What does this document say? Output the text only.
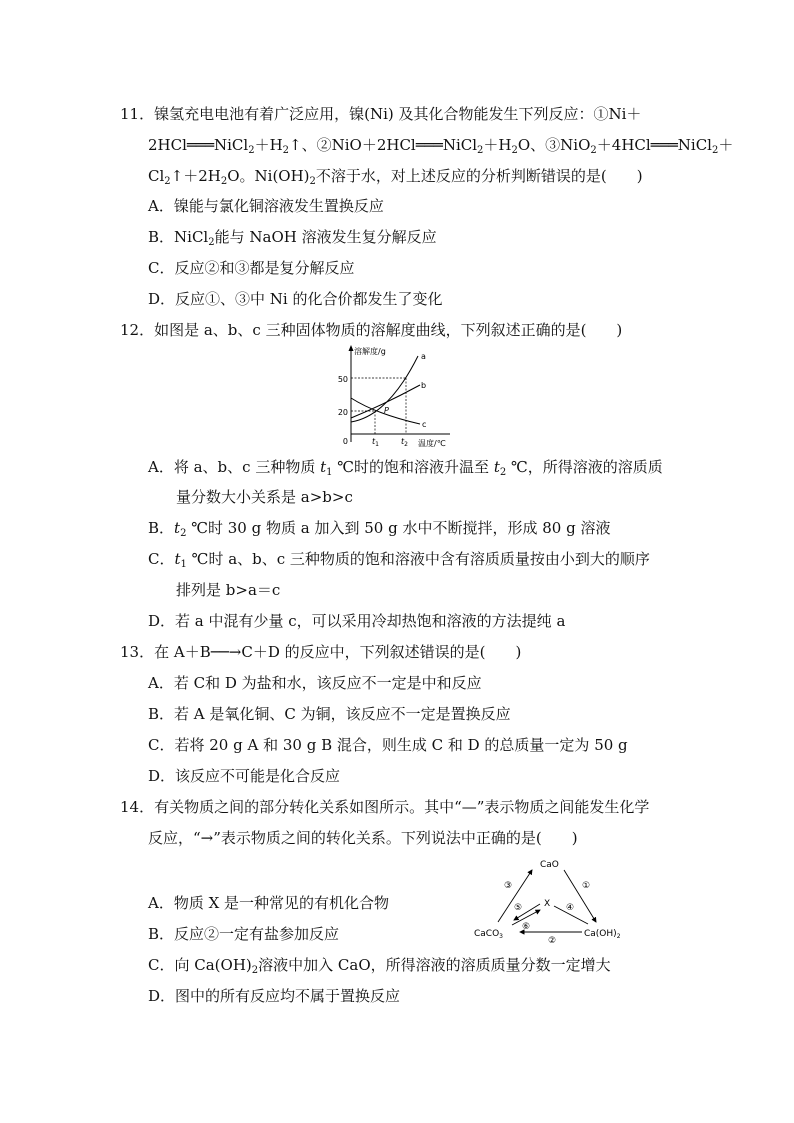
11．镍氢充电电池有着广泛应用，镍(Ni) 及其化合物能发生下列反应：①Ni＋
$2HCl═══NiCl_2+H_2↑$、$②NiO+2HCl═══NiCl_2+H_2O$、③NiO$_2$＋4HCl═══NiCl$_2$＋
$Cl_2↑+2H_2O$。$Ni(OH)_2$不溶于水，对上述反应的分析判断错误的是(　　)
A．镍能与氯化铜溶液发生置换反应
B．NiCl$_2$能与 NaOH 溶液发生复分解反应
C．反应②和③都是复分解反应
D．反应①、③中 Ni 的化合价都发生了变化
12．如图是 a、b、c 三种固体物质的溶解度曲线，下列叙述正确的是(　　)
溶解度/g
温度/℃
0
50
20
$t_1$	$t_2$
a
b
c
P
A．将 a、b、c 三种物质 $t_1$ ℃时的饱和溶液升温至 $t_2$ ℃，所得溶液的溶质质
量分数大小关系是 a>b>c
B．$t_2$ ℃时 30 g 物质 a 加入到 50 g 水中不断搅拌，形成 80 g 溶液
C．$t_1$ ℃时 a、b、c 三种物质的饱和溶液中含有溶质质量按由小到大的顺序
排列是 b>a＝c
D．若 a 中混有少量 c，可以采用冷却热饱和溶液的方法提纯 a
13．在 A＋B──→C＋D 的反应中，下列叙述错误的是(　　)
A．若 C和 D 为盐和水，该反应不一定是中和反应
B．若 A 是氧化铜、C 为铜，该反应不一定是置换反应
C．若将 20 g A 和 30 g B 混合，则生成 C 和 D 的总质量一定为 50 g
D．该反应不可能是化合反应
14．有关物质之间的部分转化关系如图所示。其中“—”表示物质之间能发生化学
反应，“→”表示物质之间的转化关系。下列说法中正确的是(　　)
CaO
X
CaCO$_3$	$Ca(OH)_2$
①
②
③
④
⑤
⑥
A．物质 X 是一种常见的有机化合物
B．反应②一定有盐参加反应
C．向 $Ca(OH)_2$溶液中加入 CaO，所得溶液的溶质质量分数一定增大
D．图中的所有反应均不属于置换反应
